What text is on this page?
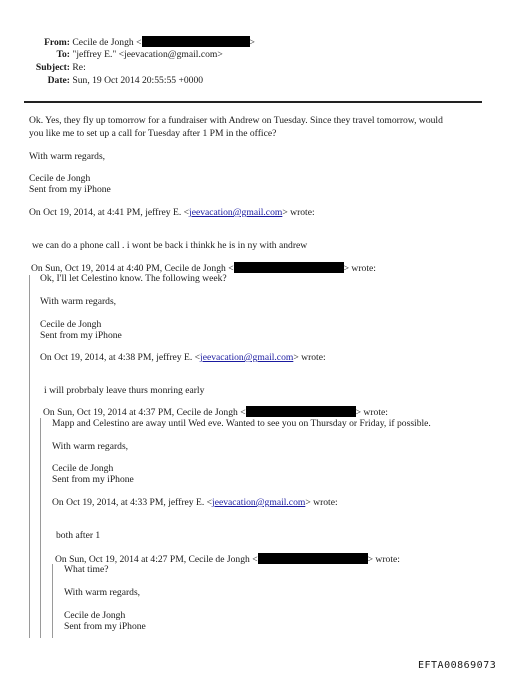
From: Cecile de Jongh <	>
To: "jeffrey E." <jeevacation@gmail.com>
Subject: Re:
Date: Sun, 19 Oct 2014 20:55:55 +0000
Ok. Yes, they fly up tomorrow for a fundraiser with Andrew on Tuesday. Since they travel tomorrow, would
you like me to set up a call for Tuesday after 1 PM in the office?
With warm regards,
Cecile de Jongh
Sent from my iPhone
On Oct 19, 2014, at 4:41 PM, jeffrey E. <jeevacation@gmail.com> wrote:
we can do a phone call . i wont be back i thinkk he is in ny with andrew
On Sun, Oct 19, 2014 at 4:40 PM, Cecile de Jongh <	> wrote:
Ok, I'll let Celestino know. The following week?
With warm regards,
Cecile de Jongh
Sent from my iPhone
On Oct 19, 2014, at 4:38 PM, jeffrey E. <jeevacation@gmail.com> wrote:
i will probrbaly leave thurs monring early
On Sun, Oct 19, 2014 at 4:37 PM, Cecile de Jongh <	> wrote:
Mapp and Celestino are away until Wed eve. Wanted to see you on Thursday or Friday, if possible.
With warm regards,
Cecile de Jongh
Sent from my iPhone
On Oct 19, 2014, at 4:33 PM, jeffrey E. <jeevacation@gmail.com> wrote:
both after 1
On Sun, Oct 19, 2014 at 4:27 PM, Cecile de Jongh <	> wrote:
What time?
With warm regards,
Cecile de Jongh
Sent from my iPhone
EFTA00869073
